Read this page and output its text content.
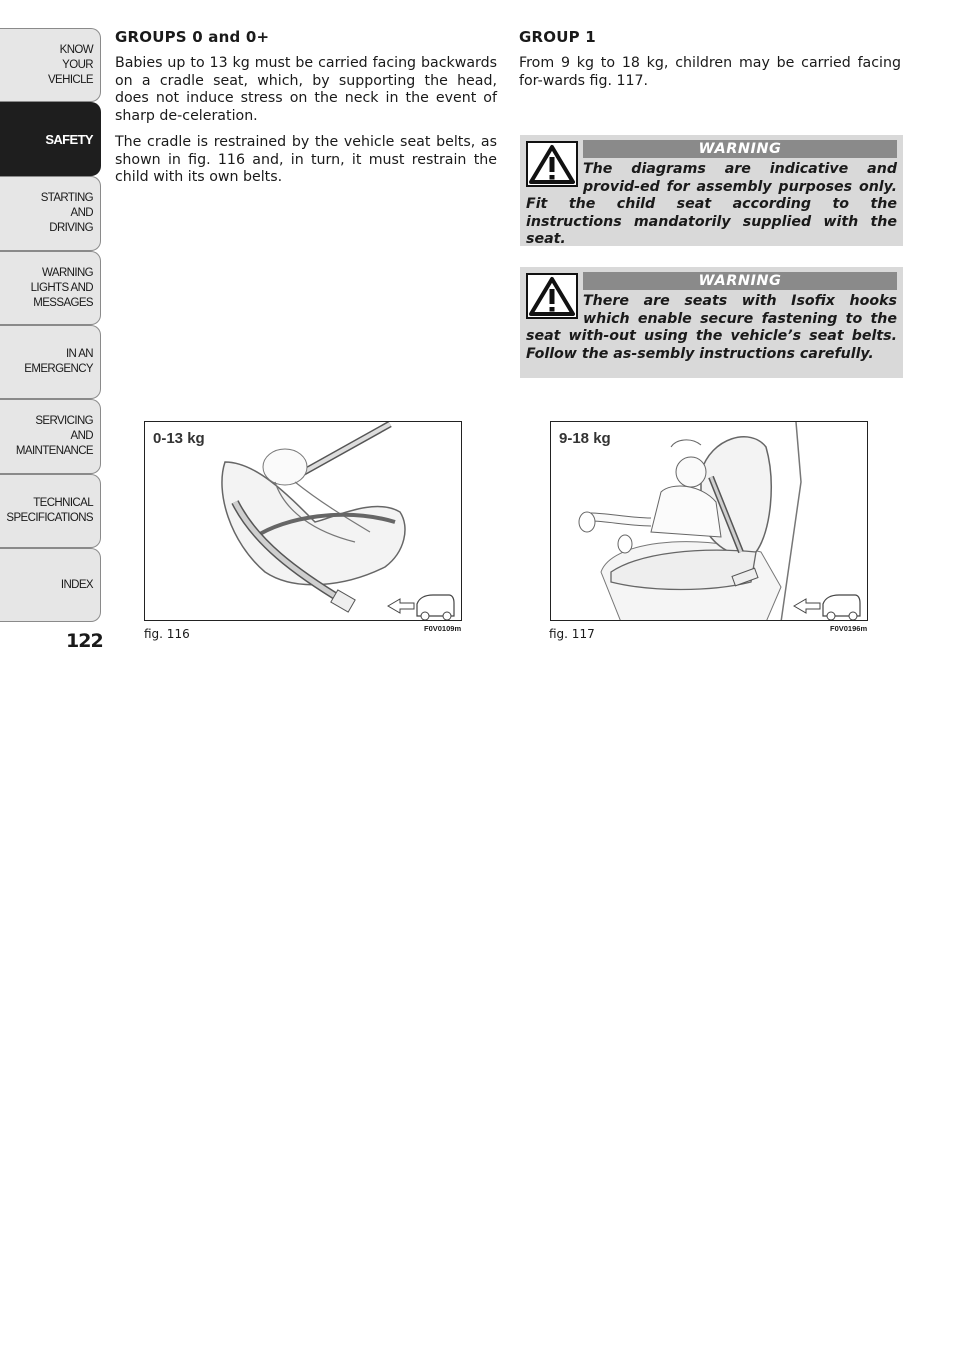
KNOW
YOUR
VEHICLE
SAFETY
STARTING
AND
DRIVING
WARNING
LIGHTS AND
MESSAGES
IN AN
EMERGENCY
SERVICING
AND
MAINTENANCE
TECHNICAL
SPECIFICATIONS
INDEX
122
GROUPS 0 and 0+

Babies up to 13 kg must be carried facing backwards on a cradle seat, which, by supporting the head, does not induce stress on the neck in the event of sharp de-celeration.

The cradle is restrained by the vehicle seat belts, as shown in fig. 116 and, in turn, it must restrain the child with its own belts.

GROUP 1

From 9 kg to 18 kg, children may be carried facing for-wards fig. 117.

WARNING
The diagrams are indicative and provid-ed for assembly purposes only. Fit the child seat according to the instructions mandatorily supplied with the seat.
WARNING
There are seats with Isofix hooks which enable secure fastening to the seat with-out using the vehicle’s seat belts. Follow the as-sembly instructions carefully.
0-13 kg
fig. 116	F0V0109m
9-18 kg
fig. 117	F0V0196m
